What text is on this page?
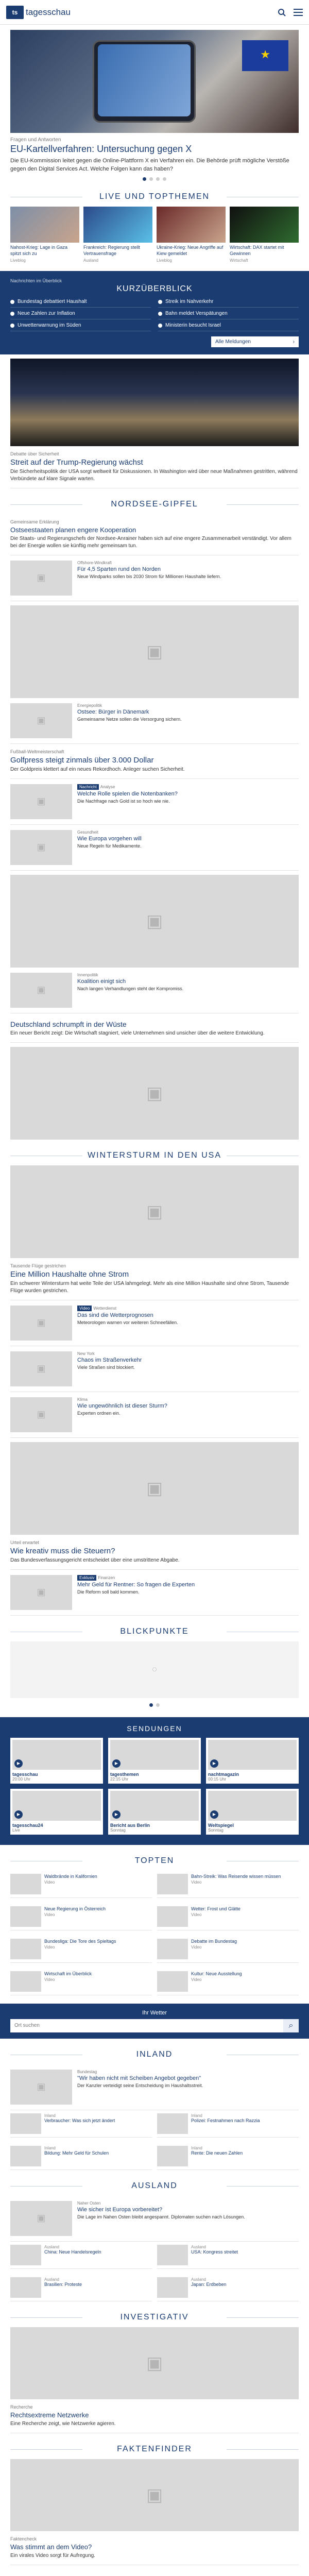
ts tagesschau
★
Fragen und Antworten
EU-Kartellverfahren: Untersuchung gegen X
Die EU-Kommission leitet gegen die Online-Plattform X ein Verfahren ein. Die Behörde prüft mögliche Verstöße gegen den Digital Services Act. Welche Folgen kann das haben?
LIVE UND TOPTHEMEN
Nahost-Krieg: Lage in Gaza spitzt sich zu
Liveblog
Frankreich: Regierung stellt Vertrauensfrage
Ausland
Ukraine-Krieg: Neue Angriffe auf Kiew gemeldet
Liveblog
Wirtschaft: DAX startet mit Gewinnen
Wirtschaft
Nachrichten im Überblick
KURZÜBERBLICK
Bundestag debattiert Haushalt	Streik im Nahverkehr
Neue Zahlen zur Inflation	Bahn meldet Verspätungen
Unwetterwarnung im Süden	Ministerin besucht Israel
Alle Meldungen	›
Debatte über Sicherheit
Streit auf der Trump-Regierung wächst
Die Sicherheitspolitik der USA sorgt weltweit für Diskussionen. In Washington wird über neue Maßnahmen gestritten, während Verbündete auf klare Signale warten.
NORDSEE-GIPFEL
Gemeinsame Erklärung
Ostseestaaten planen engere Kooperation
Die Staats- und Regierungschefs der Nordsee-Anrainer haben sich auf eine engere Zusammenarbeit verständigt. Vor allem bei der Energie wollen sie künftig mehr gemeinsam tun.
▣
Offshore-Windkraft
Für 4,5 Sparten rund den Norden
Neue Windparks sollen bis 2030 Strom für Millionen Haushalte liefern.
▣
▣
Energiepolitik
Ostsee: Bürger in Dänemark
Gemeinsame Netze sollen die Versorgung sichern.
Fußball-Weltmeisterschaft
Golfpress steigt zinmals über 3.000 Dollar
Der Goldpreis klettert auf ein neues Rekordhoch. Anleger suchen Sicherheit.
▣
Nachricht Analyse
Welche Rolle spielen die Notenbanken?
Die Nachfrage nach Gold ist so hoch wie nie.
▣
Gesundheit
Wie Europa vorgehen will
Neue Regeln für Medikamente.
▣
▣
Innenpolitik
Koalition einigt sich
Nach langen Verhandlungen steht der Kompromiss.
Deutschland schrumpft in der Wüste
Ein neuer Bericht zeigt: Die Wirtschaft stagniert, viele Unternehmen sind unsicher über die weitere Entwicklung.
▣
WINTERSTURM IN DEN USA
▣
Tausende Flüge gestrichen
Eine Million Haushalte ohne Strom
Ein schwerer Wintersturm hat weite Teile der USA lahmgelegt. Mehr als eine Million Haushalte sind ohne Strom, Tausende Flüge wurden gestrichen.
▣
Video Wetterdienst
Das sind die Wetterprognosen
Meteorologen warnen vor weiteren Schneefällen.
▣
New York
Chaos im Straßenverkehr
Viele Straßen sind blockiert.
▣
Klima
Wie ungewöhnlich ist dieser Sturm?
Experten ordnen ein.
▣
Urteil erwartet
Wie kreativ muss die Steuern?
Das Bundesverfassungsgericht entscheidet über eine umstrittene Abgabe.
▣
Exklusiv Finanzen
Mehr Geld für Rentner: So fragen die Experten
Die Reform soll bald kommen.
BLICKPUNKTE
◌
SENDUNGEN
▶
tagesschau
20:00 Uhr
▶
tagesthemen
22:15 Uhr
▶
nachtmagazin
00:15 Uhr
▶
tagesschau24
Live
▶
Bericht aus Berlin
Sonntag
▶
Weltspiegel
Sonntag
TOPTEN
Waldbrände in Kalifornien
Video
Bahn-Streik: Was Reisende wissen müssen
Video
Neue Regierung in Österreich
Video
Wetter: Frost und Glätte
Video
Bundesliga: Die Tore des Spieltags
Video
Debatte im Bundestag
Video
Wirtschaft im Überblick
Video
Kultur: Neue Ausstellung
Video
Ihr Wetter
Ort suchen
⌕
INLAND
▣
Bundestag
"Wir haben nicht mit Scheiben Angebot gegeben"
Der Kanzler verteidigt seine Entscheidung im Haushaltsstreit.
Inland
Verbraucher: Was sich jetzt ändert
Inland
Polizei: Festnahmen nach Razzia
Inland
Bildung: Mehr Geld für Schulen
Inland
Rente: Die neuen Zahlen
AUSLAND
▣
Naher Osten
Wie sicher ist Europa vorbereitet?
Die Lage im Nahen Osten bleibt angespannt. Diplomaten suchen nach Lösungen.
Ausland
China: Neue Handelsregeln
Ausland
USA: Kongress streitet
Ausland
Brasilien: Proteste
Ausland
Japan: Erdbeben
INVESTIGATIV
▣
Recherche
Rechtsextreme Netzwerke
Eine Recherche zeigt, wie Netzwerke agieren.
FAKTENFINDER
▣
Faktencheck
Was stimmt an dem Video?
Ein virales Video sorgt für Aufregung.
